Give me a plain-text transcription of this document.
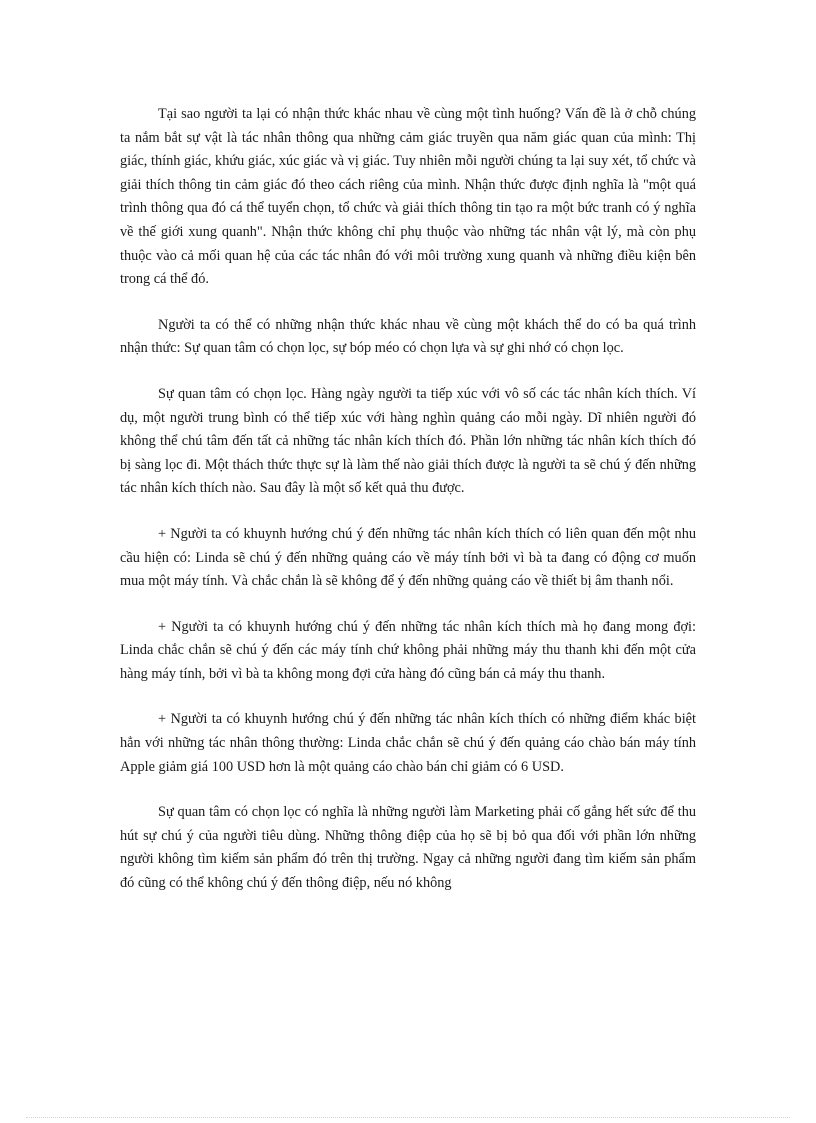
Tại sao người ta lại có nhận thức khác nhau về cùng một tình huống? Vấn đề là ở chỗ chúng ta nắm bắt sự vật là tác nhân thông qua những cảm giác truyền qua năm giác quan của mình: Thị giác, thính giác, khứu giác, xúc giác và vị giác. Tuy nhiên mỗi người chúng ta lại suy xét, tổ chức và giải thích thông tin cảm giác đó theo cách riêng của mình. Nhận thức được định nghĩa là "một quá trình thông qua đó cá thể tuyển chọn, tổ chức và giải thích thông tin tạo ra một bức tranh có ý nghĩa về thế giới xung quanh". Nhận thức không chỉ phụ thuộc vào những tác nhân vật lý, mà còn phụ thuộc vào cả mối quan hệ của các tác nhân đó với môi trường xung quanh và những điều kiện bên trong cá thể đó.

Người ta có thể có những nhận thức khác nhau về cùng một khách thể do có ba quá trình nhận thức: Sự quan tâm có chọn lọc, sự bóp méo có chọn lựa và sự ghi nhớ có chọn lọc.

Sự quan tâm có chọn lọc. Hàng ngày người ta tiếp xúc với vô số các tác nhân kích thích. Ví dụ, một người trung bình có thể tiếp xúc với hàng nghìn quảng cáo mỗi ngày. Dĩ nhiên người đó không thể chú tâm đến tất cả những tác nhân kích thích đó. Phần lớn những tác nhân kích thích đó bị sàng lọc đi. Một thách thức thực sự là làm thế nào giải thích được là người ta sẽ chú ý đến những tác nhân kích thích nào. Sau đây là một số kết quả thu được.

+ Người ta có khuynh hướng chú ý đến những tác nhân kích thích có liên quan đến một nhu cầu hiện có: Linda sẽ chú ý đến những quảng cáo về máy tính bởi vì bà ta đang có động cơ muốn mua một máy tính. Và chắc chắn là sẽ không để ý đến những quảng cáo về thiết bị âm thanh nổi.

+ Người ta có khuynh hướng chú ý đến những tác nhân kích thích mà họ đang mong đợi: Linda chắc chắn sẽ chú ý đến các máy tính chứ không phải những máy thu thanh khi đến một cửa hàng máy tính, bởi vì bà ta không mong đợi cửa hàng đó cũng bán cả máy thu thanh.

+ Người ta có khuynh hướng chú ý đến những tác nhân kích thích có những điểm khác biệt hẳn với những tác nhân thông thường: Linda chắc chắn sẽ chú ý đến quảng cáo chào bán máy tính Apple giảm giá 100 USD hơn là một quảng cáo chào bán chỉ giảm có 6 USD.

Sự quan tâm có chọn lọc có nghĩa là những người làm Marketing phải cố gắng hết sức để thu hút sự chú ý của người tiêu dùng. Những thông điệp của họ sẽ bị bỏ qua đối với phần lớn những người không tìm kiếm sản phẩm đó trên thị trường. Ngay cả những người đang tìm kiếm sản phẩm đó cũng có thể không chú ý đến thông điệp, nếu nó không
